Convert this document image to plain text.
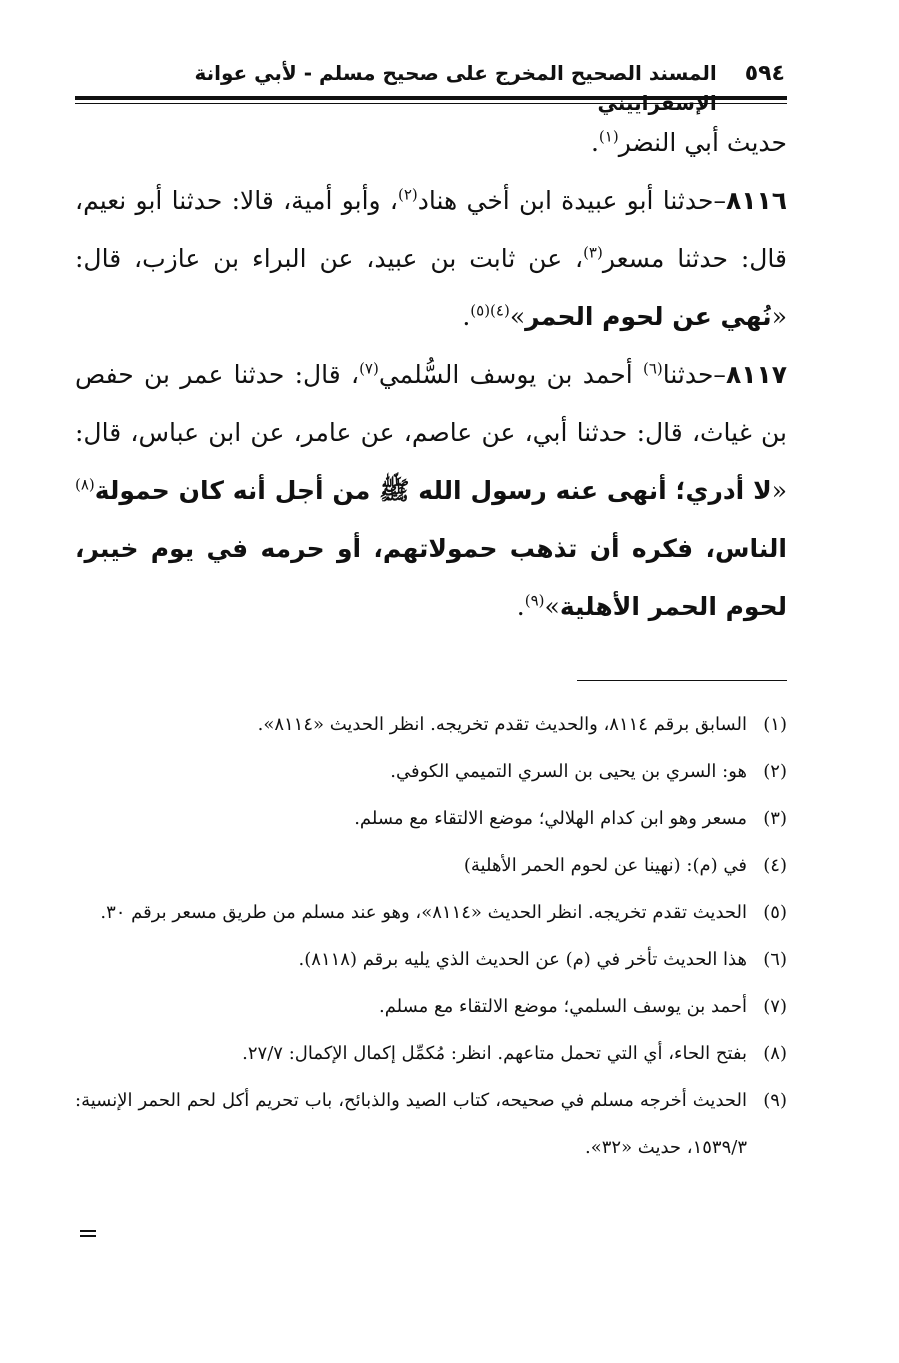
٥٩٤
المسند الصحيح المخرج على صحيح مسلم - لأبي عوانة الإسفراييني

حديث أبي النضر$^{(١)}$.

٨١١٦–حدثنا أبو عبيدة ابن أخي هناد$^{(٢)}$، وأبو أمية، قالا: حدثنا أبو نعيم، قال: حدثنا مسعر$^{(٣)}$، عن ثابت بن عبيد، عن البراء بن عازب، قال: «نُهي عن لحوم الحمر»$^{(٤)(٥)}$.

٨١١٧–حدثنا$^{(٦)}$ أحمد بن يوسف السُّلمي$^{(٧)}$، قال: حدثنا عمر بن حفص بن غياث، قال: حدثنا أبي، عن عاصم، عن عامر، عن ابن عباس، قال: «لا أدري؛ أنهى عنه رسول الله ﷺ من أجل أنه كان حمولة$^{(٨)}$ الناس، فكره أن تذهب حمولاتهم، أو حرمه في يوم خيبر، لحوم الحمر الأهلية»$^{(٩)}$.

(١)
السابق برقم ٨١١٤، والحديث تقدم تخريجه. انظر الحديث «٨١١٤».
(٢)
هو: السري بن يحيى بن السري التميمي الكوفي.
(٣)
مسعر وهو ابن كدام الهلالي؛ موضع الالتقاء مع مسلم.
(٤)
في (م): (نهينا عن لحوم الحمر الأهلية)
(٥)
الحديث تقدم تخريجه. انظر الحديث «٨١١٤»، وهو عند مسلم من طريق مسعر برقم ٣٠.
(٦)
هذا الحديث تأخر في (م) عن الحديث الذي يليه برقم (٨١١٨).
(٧)
أحمد بن يوسف السلمي؛ موضع الالتقاء مع مسلم.
(٨)
بفتح الحاء، أي التي تحمل متاعهم. انظر: مُكمِّل إكمال الإكمال: ٢٧/٧.
(٩)
الحديث أخرجه مسلم في صحيحه، كتاب الصيد والذبائح، باب تحريم أكل لحم الحمر الإنسية: ١٥٣٩/٣، حديث «٣٢».
